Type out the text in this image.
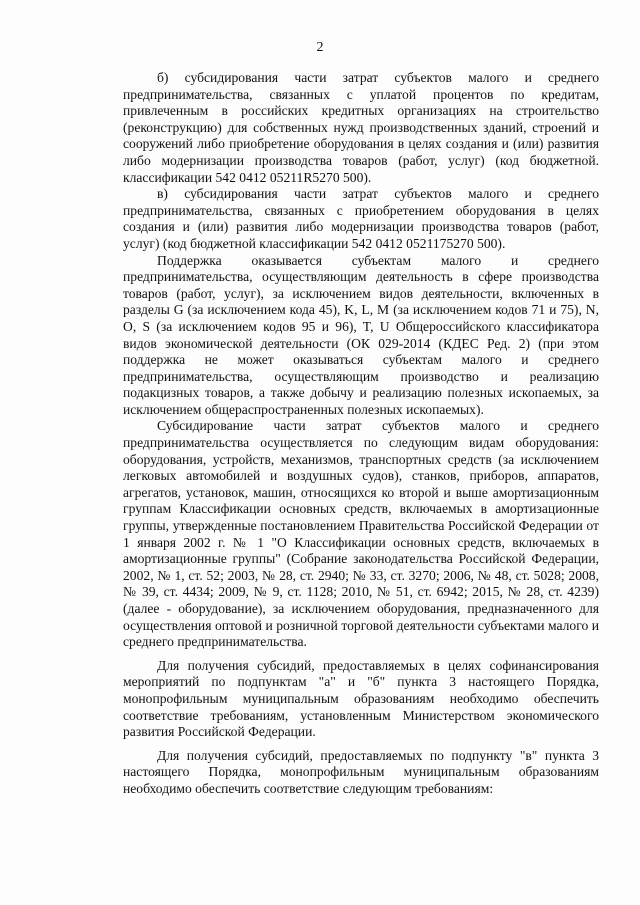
2

б) субсидирования части затрат субъектов малого и среднего предпринимательства, связанных с уплатой процентов по кредитам, привлеченным в российских кредитных организациях на строительство (реконструкцию) для собственных нужд производственных зданий, строений и сооружений либо приобретение оборудования в целях создания и (или) развития либо модернизации производства товаров (работ, услуг) (код бюджетной. классификации 542 0412 05211R5270 500).

в) субсидирования части затрат субъектов малого и среднего предпринимательства, связанных с приобретением оборудования в целях создания и (или) развития либо модернизации производства товаров (работ, услуг) (код бюджетной классификации 542 0412 0521175270 500).

Поддержка оказывается субъектам малого и среднего предпринимательства, осуществляющим деятельность в сфере производства товаров (работ, услуг), за исключением видов деятельности, включенных в разделы G (за исключением кода 45), K, L, M (за исключением кодов 71 и 75), N, O, S (за исключением кодов 95 и 96), T, U Общероссийского классификатора видов экономической деятельности (ОК 029-2014 (КДЕС Ред. 2) (при этом поддержка не может оказываться субъектам малого и среднего предпринимательства, осуществляющим производство и реализацию подакцизных товаров, а также добычу и реализацию полезных ископаемых, за исключением общераспространенных полезных ископаемых).

Субсидирование части затрат субъектов малого и среднего предпринимательства осуществляется по следующим видам оборудования: оборудования, устройств, механизмов, транспортных средств (за исключением легковых автомобилей и воздушных судов), станков, приборов, аппаратов, агрегатов, установок, машин, относящихся ко второй и выше амортизационным группам Классификации основных средств, включаемых в амортизационные группы, утвержденные постановлением Правительства Российской Федерации от 1 января 2002 г. № 1 "О Классификации основных средств, включаемых в амортизационные группы" (Собрание законодательства Российской Федерации, 2002, № 1, ст. 52; 2003, № 28, ст. 2940; № 33, ст. 3270; 2006, № 48, ст. 5028; 2008, № 39, ст. 4434; 2009, № 9, ст. 1128; 2010, № 51, ст. 6942; 2015, № 28, ст. 4239) (далее - оборудование), за исключением оборудования, предназначенного для осуществления оптовой и розничной торговой деятельности субъектами малого и среднего предпринимательства.

Для получения субсидий, предоставляемых в целях софинансирования мероприятий по подпунктам "а" и "б" пункта 3 настоящего Порядка, монопрофильным муниципальным образованиям необходимо обеспечить соответствие требованиям, установленным Министерством экономического развития Российской Федерации.

Для получения субсидий, предоставляемых по подпункту "в" пункта 3 настоящего Порядка, монопрофильным муниципальным образованиям необходимо обеспечить соответствие следующим требованиям:
